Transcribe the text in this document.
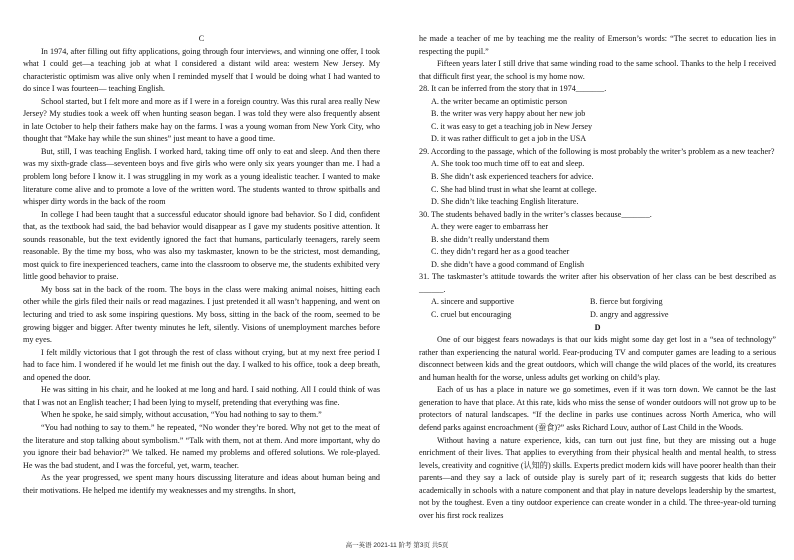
C

In 1974, after filling out fifty applications, going through four interviews, and winning one offer, I took what I could get—a teaching job at what I considered a distant wild area: western New Jersey. My characteristic optimism was alive only when I reminded myself that I would be doing what I had wanted to do since I was fourteen— teaching English.

School started, but I felt more and more as if I were in a foreign country. Was this rural area really New Jersey? My studies took a week off when hunting season began. I was told they were also frequently absent in late October to help their fathers make hay on the farms. I was a young woman from New York City, who thought that “Make hay while the sun shines” just meant to have a good time.

But, still, I was teaching English. I worked hard, taking time off only to eat and sleep. And then there was my sixth-grade class—seventeen boys and five girls who were only six years younger than me. I had a problem long before I know it. I was struggling in my work as a young idealistic teacher. I wanted to make literature come alive and to promote a love of the written word. The students wanted to throw spitballs and whisper dirty words in the back of the room

In college I had been taught that a successful educator should ignore bad behavior. So I did, confident that, as the textbook had said, the bad behavior would disappear as I gave my students positive attention. It sounds reasonable, but the text evidently ignored the fact that humans, particularly teenagers, rarely seem reasonable. By the time my boss, who was also my taskmaster, known to be the strictest, most demanding, most quick to fire inexperienced teachers, came into the classroom to observe me, the students exhibited very little good behavior to praise.

My boss sat in the back of the room. The boys in the class were making animal noises, hitting each other while the girls filed their nails or read magazines. I just pretended it all wasn’t happening, and went on lecturing and tried to ask some inspiring questions. My boss, sitting in the back of the room, seemed to be growing bigger and bigger. After twenty minutes he left, silently. Visions of unemployment marches before my eyes.

I felt mildly victorious that I got through the rest of class without crying, but at my next free period I had to face him. I wondered if he would let me finish out the day. I walked to his office, took a deep breath, and opened the door.

He was sitting in his chair, and he looked at me long and hard. I said nothing. All I could think of was that I was not an English teacher; I had been lying to myself, pretending that everything was fine.

When he spoke, he said simply, without accusation, “You had nothing to say to them.”

“You had nothing to say to them.” he repeated, “No wonder they’re bored. Why not get to the meat of the literature and stop talking about symbolism.” “Talk with them, not at them. And more important, why do you ignore their bad behavior?” We talked. He named my problems and offered solutions. We role-played. He was the bad student, and I was the forceful, yet, warm, teacher.

As the year progressed, we spent many hours discussing literature and ideas about human being and their motivations. He helped me identify my weaknesses and my strengths. In short,

he made a teacher of me by teaching me the reality of Emerson’s words: “The secret to education lies in respecting the pupil.”

Fifteen years later I still drive that same winding road to the same school. Thanks to the help I received that difficult first year, the school is my home now.

28. It can be inferred from the story that in 1974_______.

A. the writer became an optimistic person

B. the writer was very happy about her new job

C. it was easy to get a teaching job in New Jersey

D. it was rather difficult to get a job in the USA

29. According to the passage, which of the following is most probably the writer’s problem as a new teacher?

A. She took too much time off to eat and sleep.

B. She didn’t ask experienced teachers for advice.

C. She had blind trust in what she learnt at college.

D. She didn’t like teaching English literature.

30. The students behaved badly in the writer’s classes because_______.

A. they were eager to embarrass her

B. she didn’t really understand them

C. they didn’t regard her as a good teacher

D. she didn’t have a good command of English

31. The taskmaster’s attitude towards the writer after his observation of her class can be best described as ______.

A. sincere and supportive	B. fierce but forgiving
C. cruel but encouraging	D. angry and aggressive

D

One of our biggest fears nowadays is that our kids might some day get lost in a “sea of technology” rather than experiencing the natural world. Fear-producing TV and computer games are leading to a serious disconnect between kids and the great outdoors, which will change the wild places of the world, its creatures and human health for the worse, unless adults get working on child’s play.

Each of us has a place in nature we go sometimes, even if it was torn down. We cannot be the last generation to have that place. At this rate, kids who miss the sense of wonder outdoors will not grow up to be protectors of natural landscapes. “If the decline in parks use continues across North America, who will defend parks against encroachment (蚕食)?” asks Richard Louv, author of Last Child in the Woods.

Without having a nature experience, kids, can turn out just fine, but they are missing out a huge enrichment of their lives. That applies to everything from their physical health and mental health, to stress levels, creativity and cognitive (认知的) skills. Experts predict modern kids will have poorer health than their parents—and they say a lack of outside play is surely part of it; research suggests that kids do better academically in schools with a nature component and that play in nature develops leadership by the smartest, not by the toughest. Even a tiny outdoor experience can create wonder in a child. The three-year-old turning over his first rock realizes

高一英语 2021-11 阶考 第3页 共5页
